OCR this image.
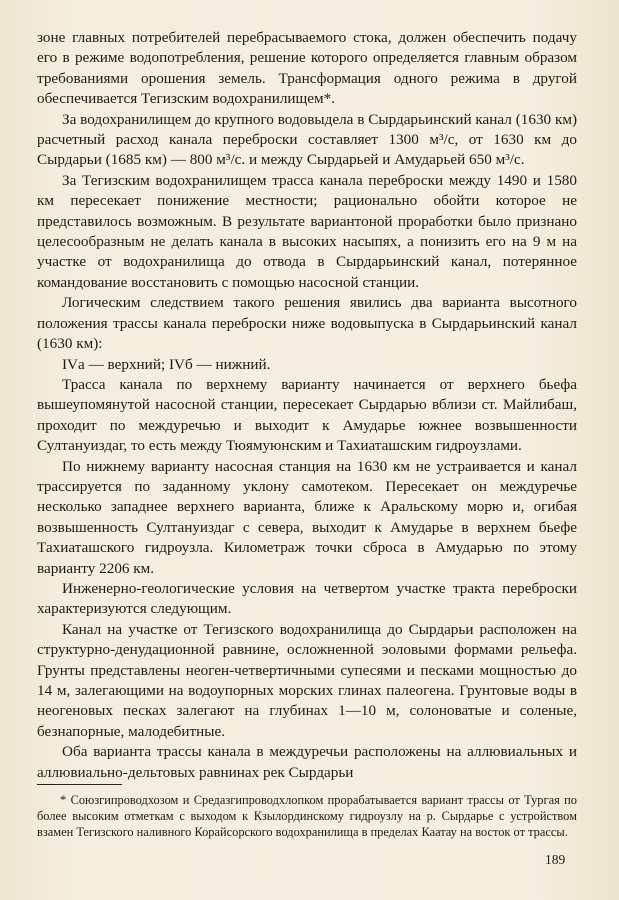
зоне главных потребителей перебрасываемого стока, должен обеспечить подачу его в режиме водопотребления, решение которого определяется главным образом требованиями орошения земель. Трансформация одного режима в другой обеспечивается Тегизским водохранилищем*.

За водохранилищем до крупного водовыдела в Сырдарьинский канал (1630 км) расчетный расход канала переброски составляет 1300 м³/с, от 1630 км до Сырдарьи (1685 км) — 800 м³/с. и между Сырдарьей и Амударьей 650 м³/с.

За Тегизским водохранилищем трасса канала переброски между 1490 и 1580 км пересекает понижение местности; рационально обойти которое не представилось возможным. В результате вариантоной проработки было признано целесообразным не делать канала в высоких насыпях, а понизить его на 9 м на участке от водохранилища до отвода в Сырдарьинский канал, потерянное командование восстановить с помощью насосной станции.

Логическим следствием такого решения явились два варианта высотного положения трассы канала переброски ниже водовыпуска в Сырдарьинский канал (1630 км):

IVа — верхний; IVб — нижний.

Трасса канала по верхнему варианту начинается от верхнего бьефа вышеупомянутой насосной станции, пересекает Сырдарью вблизи ст. Майлибаш, проходит по междуречью и выходит к Амударье южнее возвышенности Султануиздаг, то есть между Тюямуюнским и Тахиаташским гидроузлами.

По нижнему варианту насосная станция на 1630 км не устраивается и канал трассируется по заданному уклону самотеком. Пересекает он междуречье несколько западнее верхнего варианта, ближе к Аральскому морю и, огибая возвышенность Султануиздаг с севера, выходит к Амударье в верхнем бьефе Тахиаташского гидроузла. Километраж точки сброса в Амударью по этому варианту 2206 км.

Инженерно-геологические условия на четвертом участке тракта переброски характеризуются следующим.

Канал на участке от Тегизского водохранилища до Сырдарьи расположен на структурно-денудационной равнине, осложненной эоловыми формами рельефа. Грунты представлены неоген-четвертичными супесями и песками мощностью до 14 м, залегающими на водоупорных морских глинах палеогена. Грунтовые воды в неогеновых песках залегают на глубинах 1—10 м, солоноватые и соленые, безнапорные, малодебитные.

Оба варианта трассы канала в междуречьи расположены на аллювиальных и аллювиально-дельтовых равнинах рек Сырдарьи

* Союзгипроводхозом и Средазгипроводхлопком прорабатывается вариант трассы от Тургая по более высоким отметкам с выходом к Кзылординскому гидроузлу на р. Сырдарье с устройством взамен Тегизского наливного Корайсорского водохранилища в пределах Каатау на восток от трассы.

189
